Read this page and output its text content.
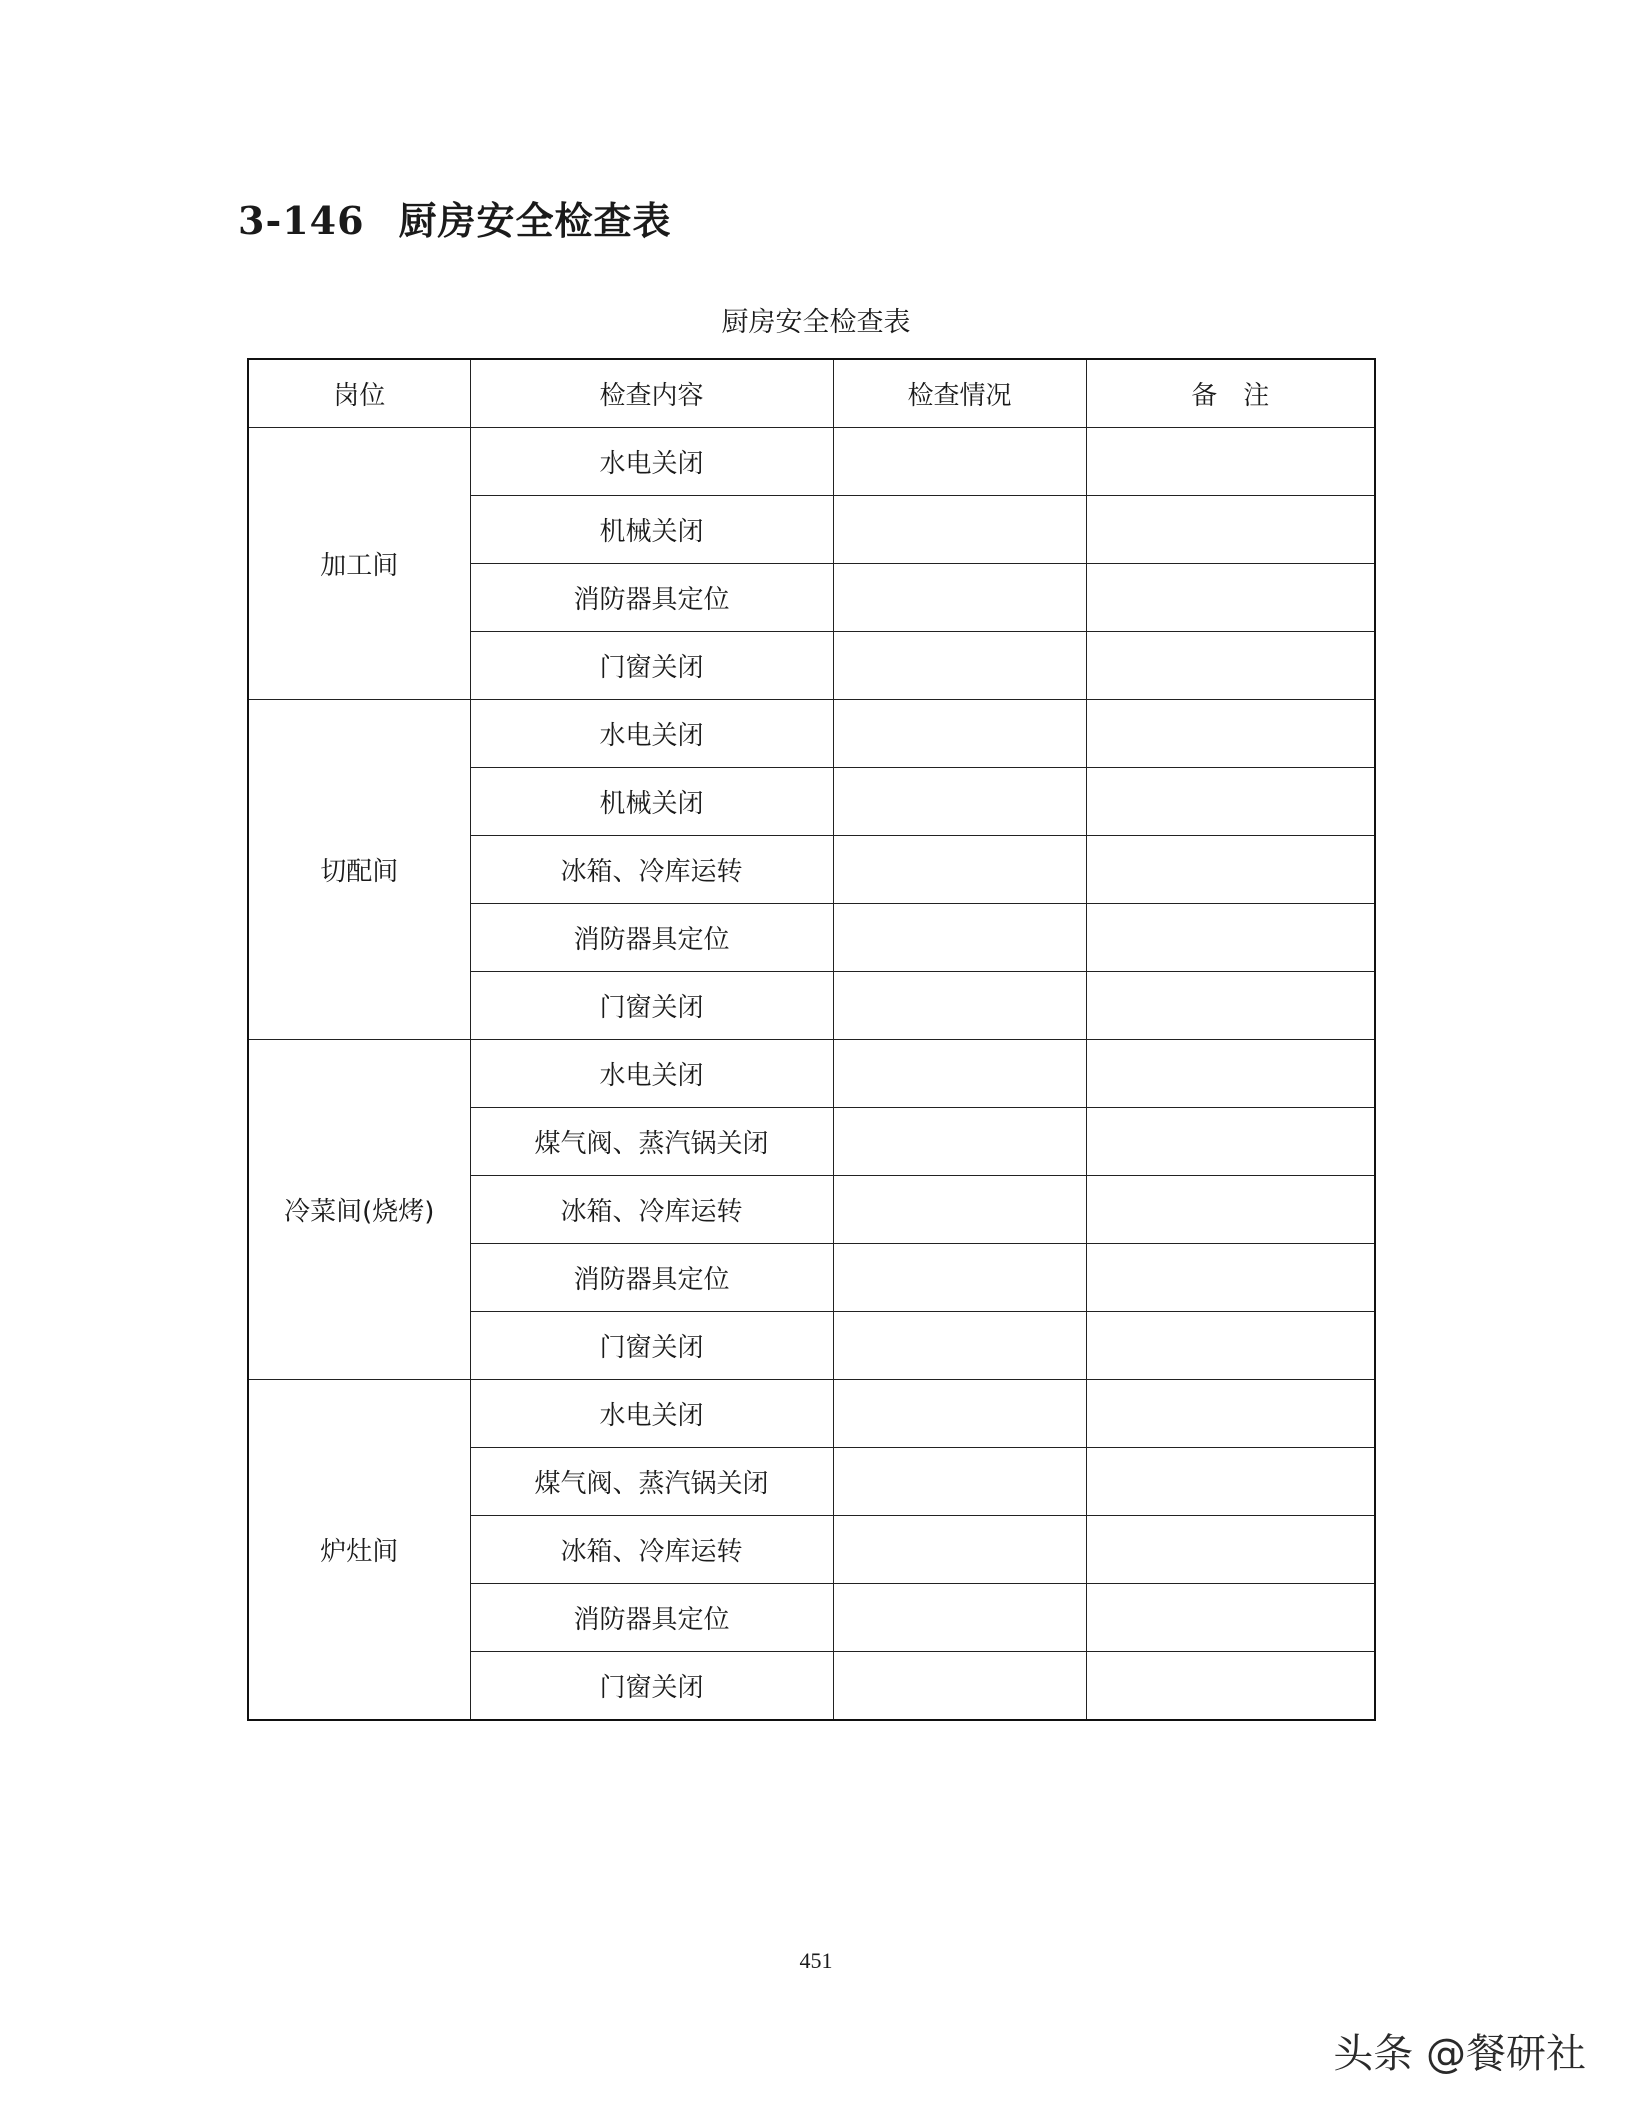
3-146 厨房安全检查表
厨房安全检查表
岗位	检查内容	检查情况	备　注
加工间	水电关闭		
	机械关闭		
	消防器具定位		
	门窗关闭		
切配间	水电关闭		
	机械关闭		
	冰箱、冷库运转		
	消防器具定位		
	门窗关闭		
冷菜间(烧烤)	水电关闭		
	煤气阀、蒸汽锅关闭		
	冰箱、冷库运转		
	消防器具定位		
	门窗关闭		
炉灶间	水电关闭		
	煤气阀、蒸汽锅关闭		
	冰箱、冷库运转		
	消防器具定位		
	门窗关闭		
451
头条 @餐研社
